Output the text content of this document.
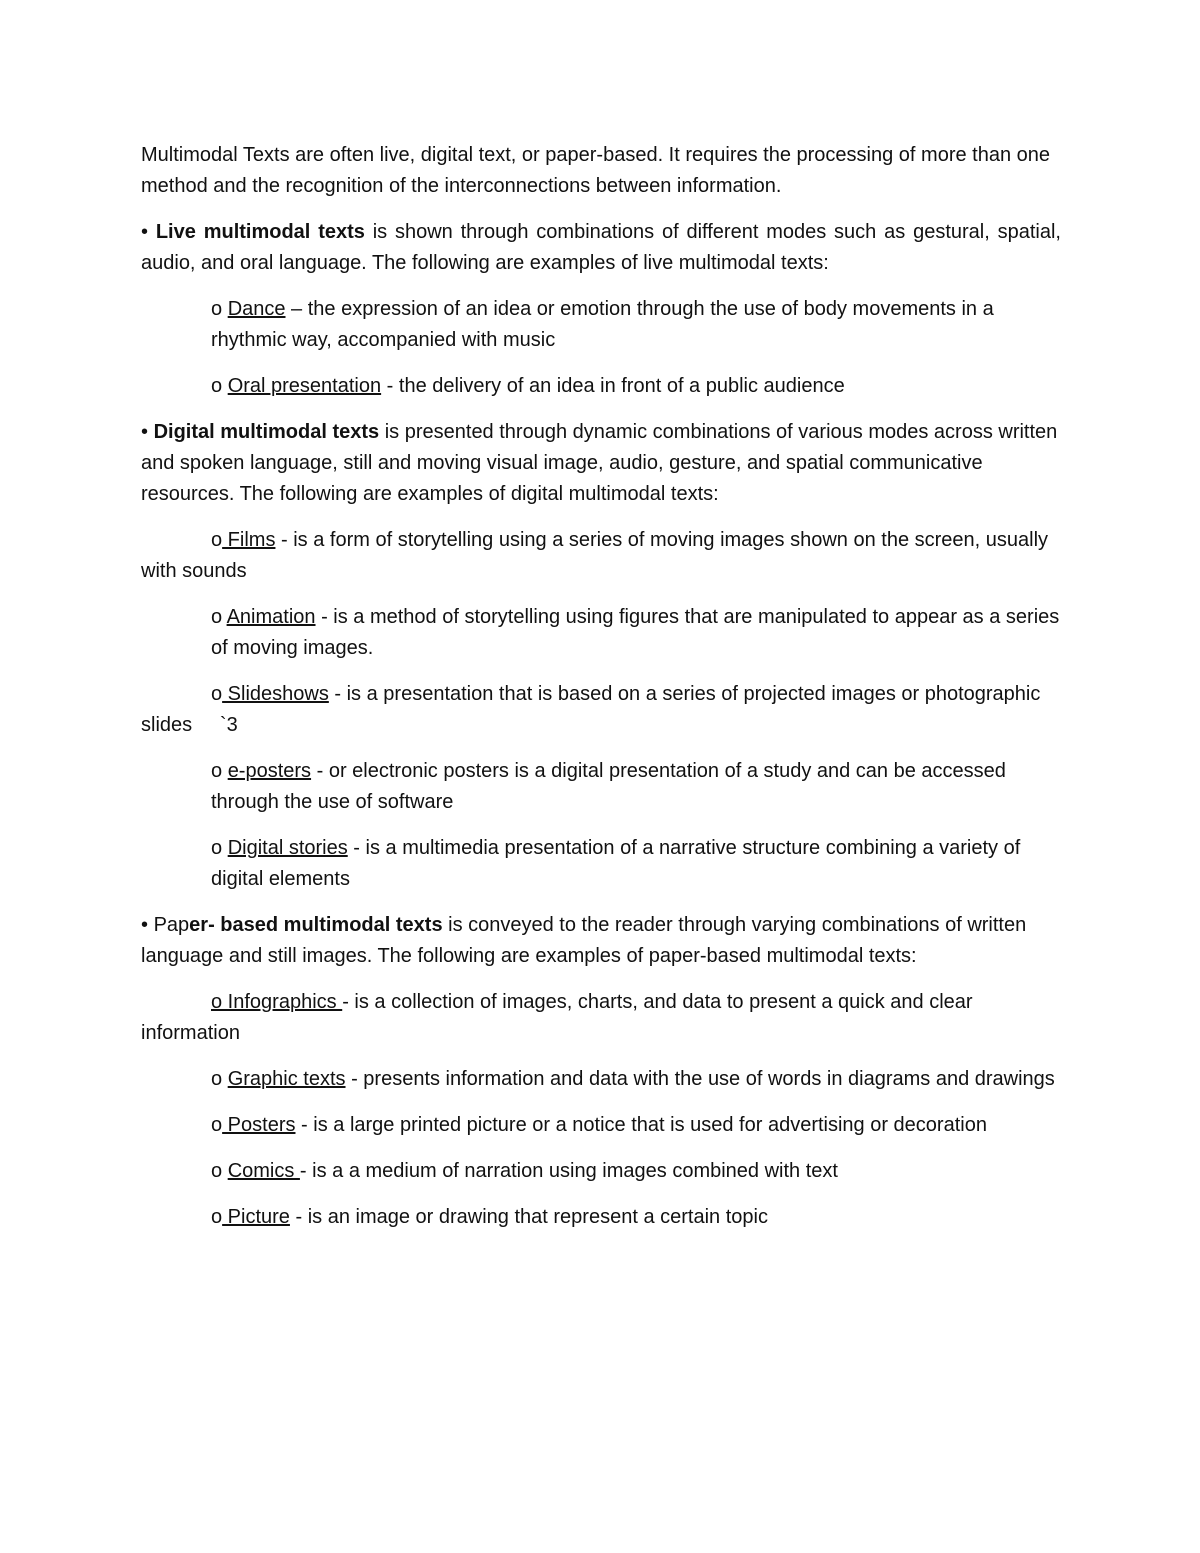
Multimodal Texts are often live, digital text, or paper-based. It requires the processing of more than one method and the recognition of the interconnections between information.

• Live multimodal texts is shown through combinations of different modes such as gestural, spatial, audio, and oral language. The following are examples of live multimodal texts:

o Dance – the expression of an idea or emotion through the use of body movements in a rhythmic way, accompanied with music

o Oral presentation - the delivery of an idea in front of a public audience

• Digital multimodal texts is presented through dynamic combinations of various modes across written and spoken language, still and moving visual image, audio, gesture, and spatial communicative resources. The following are examples of digital multimodal texts:

o Films - is a form of storytelling using a series of moving images shown on the screen, usually with sounds

o Animation - is a method of storytelling using figures that are manipulated to appear as a series of moving images.

o Slideshows - is a presentation that is based on a series of projected images or photographic slides     `3

o e-posters - or electronic posters is a digital presentation of a study and can be accessed through the use of software

o Digital stories - is a multimedia presentation of a narrative structure combining a variety of digital elements

• Paper- based multimodal texts is conveyed to the reader through varying combinations of written language and still images. The following are examples of paper-based multimodal texts:

o Infographics - is a collection of images, charts, and data to present a quick and clear information

o Graphic texts - presents information and data with the use of words in diagrams and drawings

o Posters - is a large printed picture or a notice that is used for advertising or decoration

o Comics - is a a medium of narration using images combined with text

o Picture - is an image or drawing that represent a certain topic
